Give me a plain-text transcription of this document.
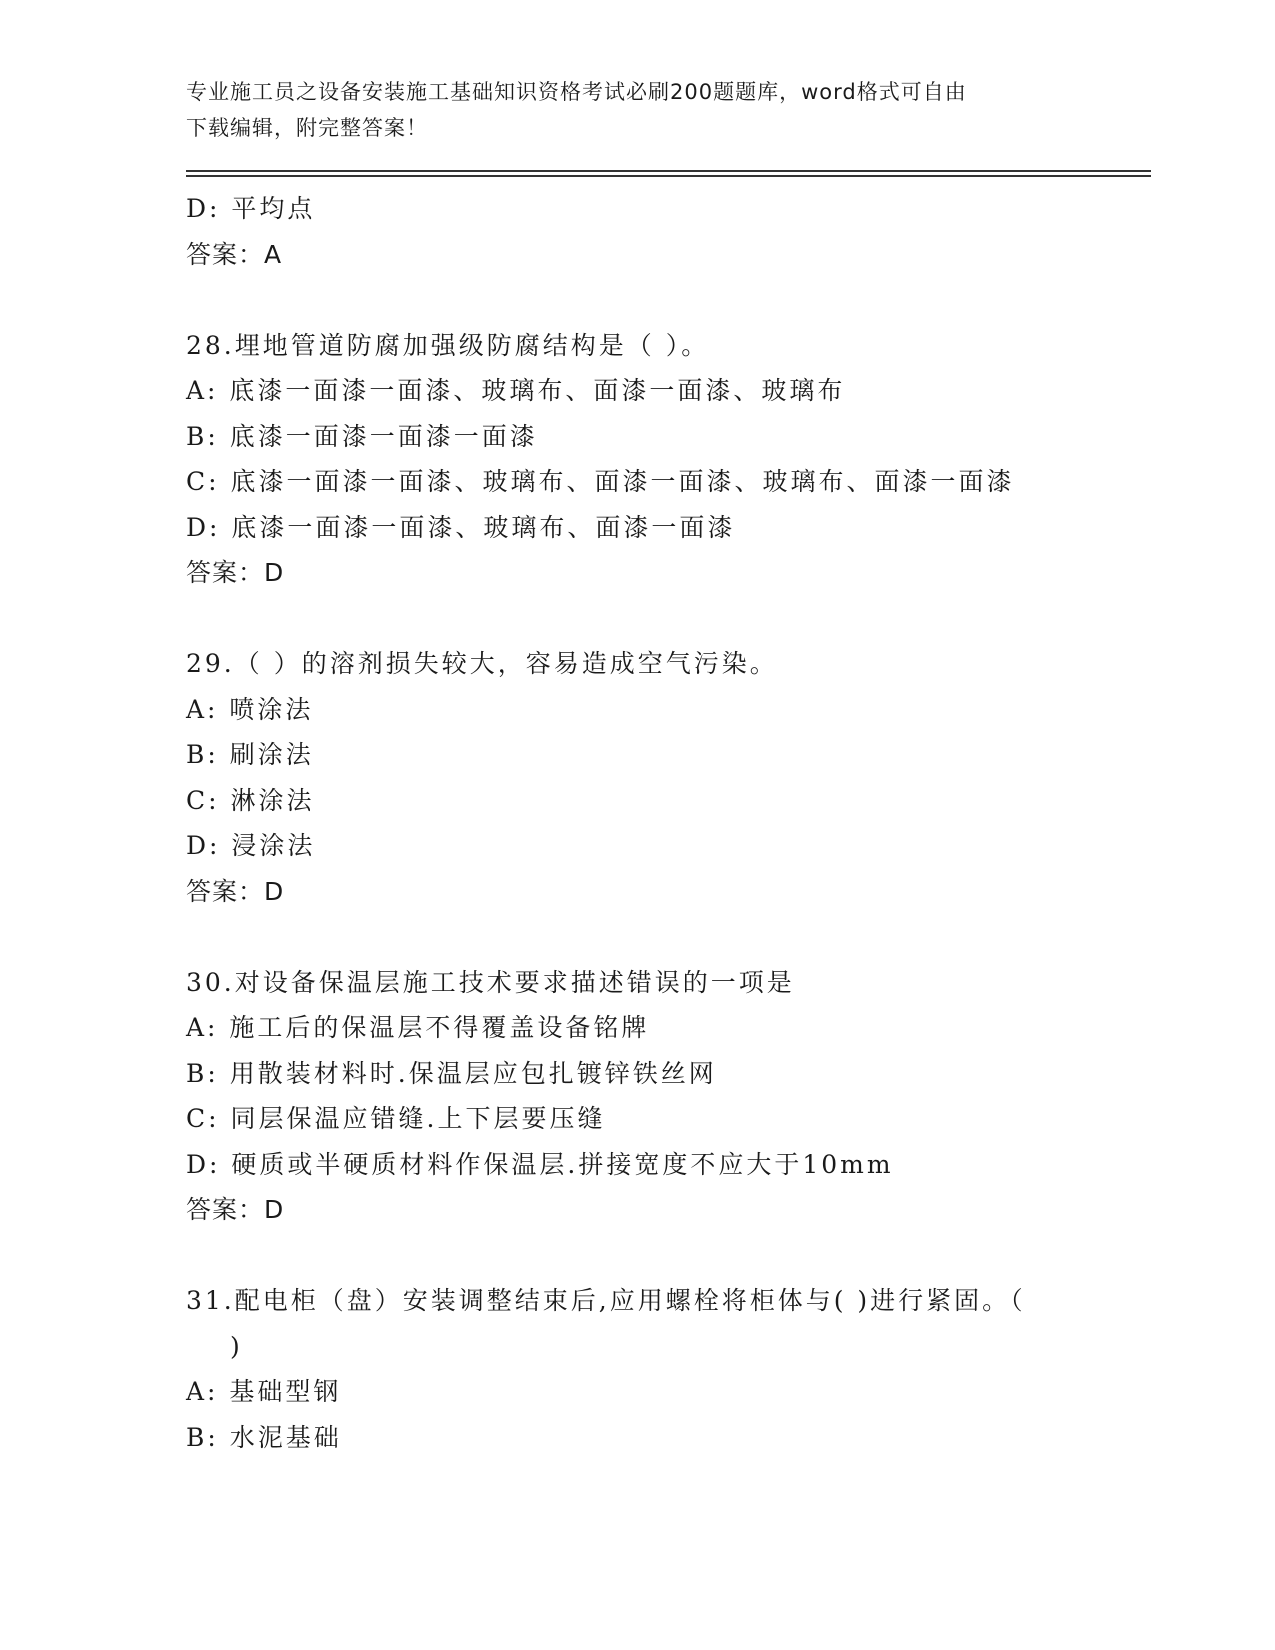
专业施工员之设备安装施工基础知识资格考试必刷200题题库，word格式可自由
下载编辑，附完整答案！
D: 平均点
答案：A
28.埋地管道防腐加强级防腐结构是（ ）。
A: 底漆一面漆一面漆、玻璃布、面漆一面漆、玻璃布
B: 底漆一面漆一面漆一面漆
C: 底漆一面漆一面漆、玻璃布、面漆一面漆、玻璃布、面漆一面漆
D: 底漆一面漆一面漆、玻璃布、面漆一面漆
答案：D
29.（ ）的溶剂损失较大，容易造成空气污染。
A: 喷涂法
B: 刷涂法
C: 淋涂法
D: 浸涂法
答案：D
30.对设备保温层施工技术要求描述错误的一项是
A: 施工后的保温层不得覆盖设备铭牌
B: 用散装材料时.保温层应包扎镀锌铁丝网
C: 同层保温应错缝.上下层要压缝
D: 硬质或半硬质材料作保温层.拼接宽度不应大于10mm
答案：D
31.配电柜（盘）安装调整结束后,应用螺栓将柜体与( )进行紧固。（
)
A: 基础型钢
B: 水泥基础
